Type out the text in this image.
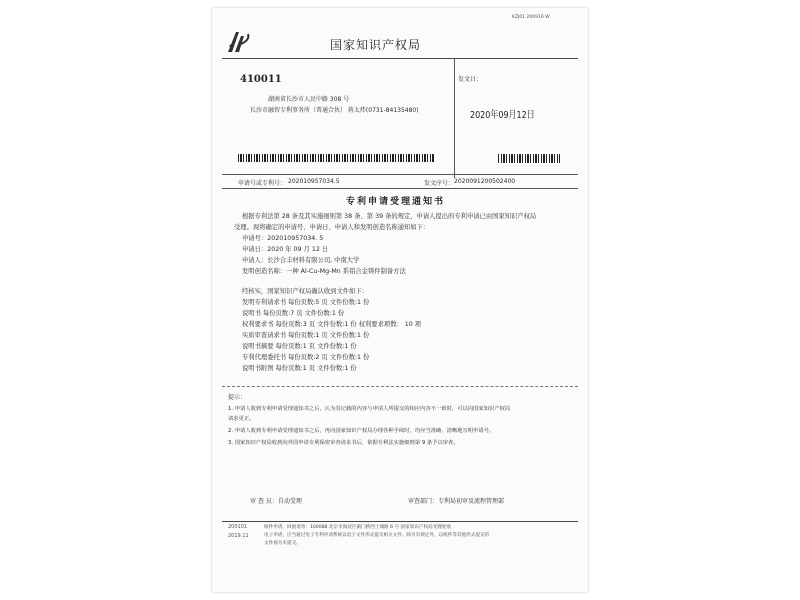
KZJ01 200916 W
国家知识产权局
410011
湖南省长沙市人民中路 308 号
长沙市融智专利事务所（普通合伙） 蒋太炜(0731-84135480)
发文日：
2020年09月12日
申请号或专利号： 202010957034.5	发文序号： 2020091200502400
专利申请受理通知书
根据专利法第 28 条及其实施细则第 38 条、第 39 条的规定，申请人提出的专利申请已由国家知识产权局
受理。现将确定的申请号、申请日、申请人和发明创造名称通知如下：
申请号：202010957034. 5
申请日：2020 年 09 月 12 日
申请人：长沙合丰材料有限公司, 中南大学
发明创造名称：一种 Al-Cu-Mg-Mn 系铝合金铸件制备方法
经核实，国家知识产权局确认收到文件如下：
发明专利请求书 每份页数:5 页 文件份数:1 份
说明书 每份页数:7 页 文件份数:1 份
权利要求书 每份页数:3 页 文件份数:1 份 权利要求项数： 10 项
实质审查请求书 每份页数:1 页 文件份数:1 份
说明书摘要 每份页数:1 页 文件份数:1 份
专利代理委托书 每份页数:2 页 文件份数:1 份
说明书附图 每份页数:1 页 文件份数:1 份
提示：
1. 申请人收到专利申请受理通知书之后，认为其记载的内容与申请人所提交的相应内容不一致时，可以向国家知识产权局
请求更正。
2. 申请人收到专利申请受理通知书之后，再向国家知识产权局办理各种手续时，均应当准确、清晰地写明申请号。
3. 国家知识产权局收到向外国申请专利保密审查请求书后，依据专利法实施细则第 9 条予以审查。
审 查 员：自动受理	审查部门：专利局初审及流程管理部
200101
2019.11
纸件申请，回函请寄：100088 北京市海淀区蓟门桥西土城路 6 号 国家知识产权局受理处收
电子申请，应当通过电子专利申请系统以电子文件形式提交相关文件。除另有规定外，以纸件等其他形式提交的
文件视为未提交。
